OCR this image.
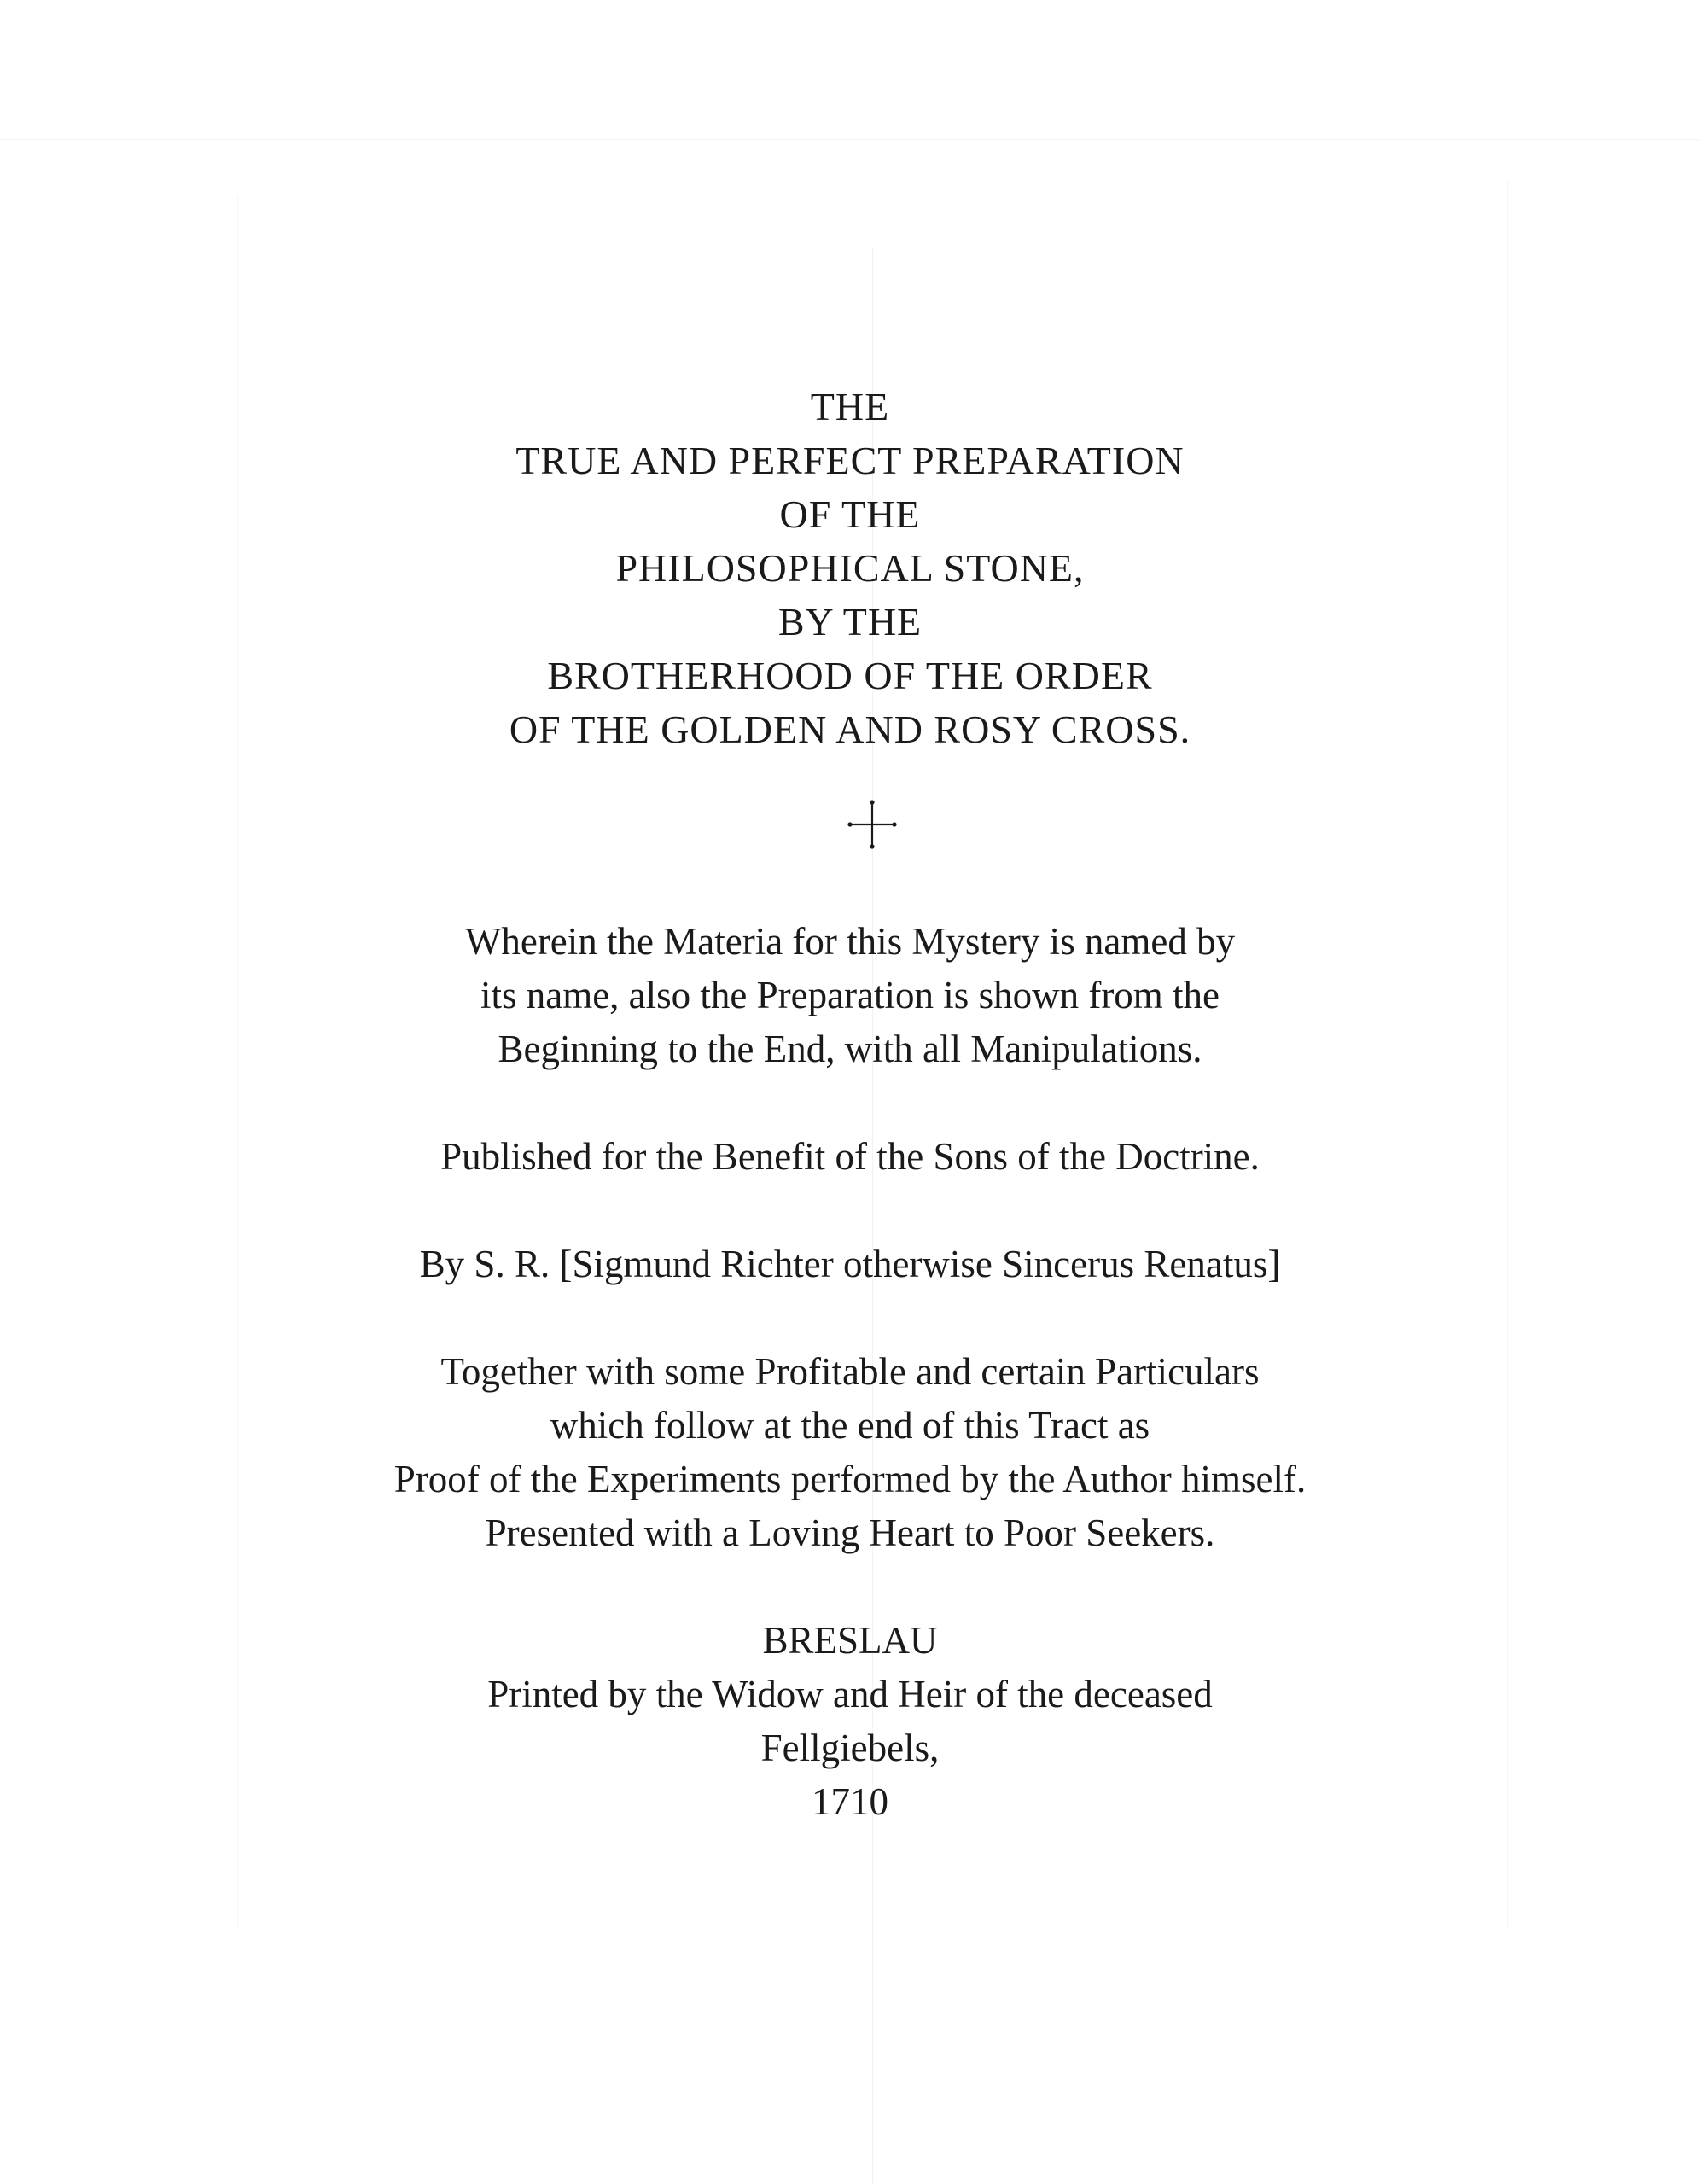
THE
TRUE AND PERFECT PREPARATION
OF THE
PHILOSOPHICAL STONE,
BY THE
BROTHERHOOD OF THE ORDER
OF THE GOLDEN AND ROSY CROSS.

Wherein the Materia for this Mystery is named by
its name, also the Preparation is shown from the
Beginning to the End, with all Manipulations.

Published for the Benefit of the Sons of the Doctrine.

By S. R. [Sigmund Richter otherwise Sincerus Renatus]

Together with some Profitable and certain Particulars
which follow at the end of this Tract as
Proof of the Experiments performed by the Author himself.
Presented with a Loving Heart to Poor Seekers.

BRESLAU
Printed by the Widow and Heir of the deceased
Fellgiebels,
1710
